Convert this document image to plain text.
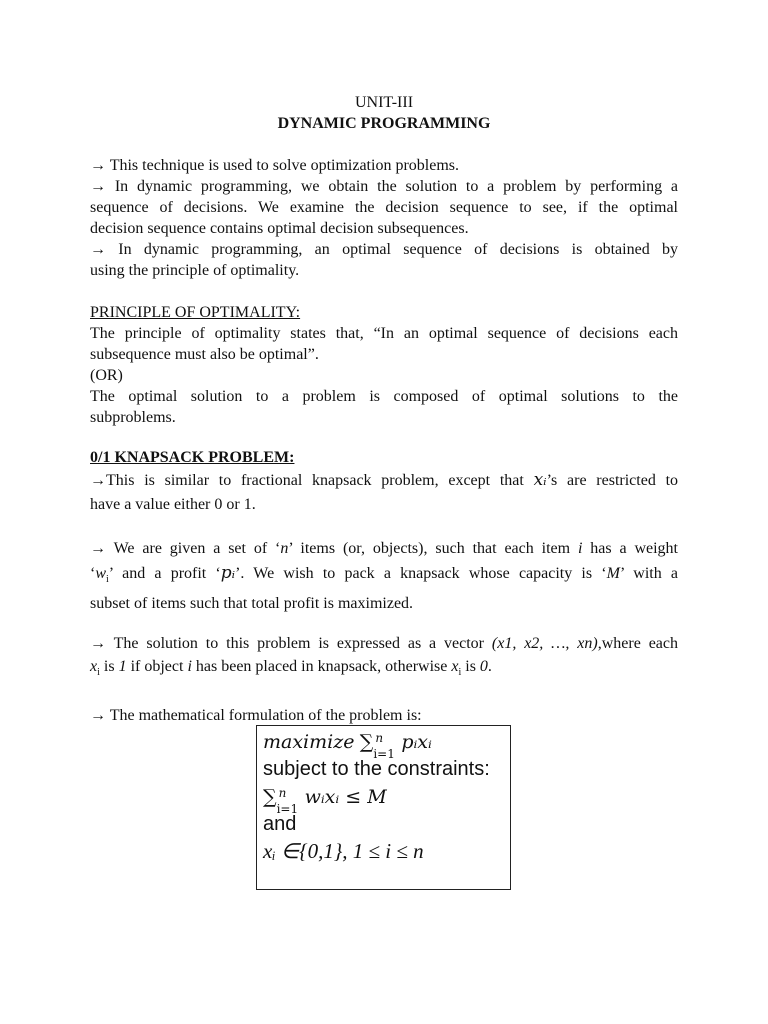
UNIT-III
DYNAMIC PROGRAMMING
→ This technique is used to solve optimization problems.
→ In dynamic programming, we obtain the solution to a problem by performing a
sequence of decisions. We examine the decision sequence to see, if the optimal
decision sequence contains optimal decision subsequences.
→ In dynamic programming, an optimal sequence of decisions is obtained by
using the principle of optimality.
PRINCIPLE OF OPTIMALITY:
The principle of optimality states that, “In an optimal sequence of decisions each
subsequence must also be optimal”.
(OR)
The optimal solution to a problem is composed of optimal solutions to the
subproblems.
0/1 KNAPSACK PROBLEM:
→This is similar to fractional knapsack problem, except that xᵢ’s are restricted to
have a value either 0 or 1.
→ We are given a set of ‘n’ items (or, objects), such that each item i has a weight
‘$w_i$’ and a profit ‘pᵢ’. We wish to pack a knapsack whose capacity is ‘M’ with a
subset of items such that total profit is maximized.
→ The solution to this problem is expressed as a vector (x1, x2, …, xn),where each
$x_i$ is 1 if object i has been placed in knapsack, otherwise $x_i$ is 0.
→ The mathematical formulation of the problem is:
maximize ∑ n
i=1
pᵢxᵢ
subject to the constraints:
∑ n
i=1
wᵢxᵢ ≤ M
and
xᵢ ∈{0,1}, 1 ≤ i ≤ n
